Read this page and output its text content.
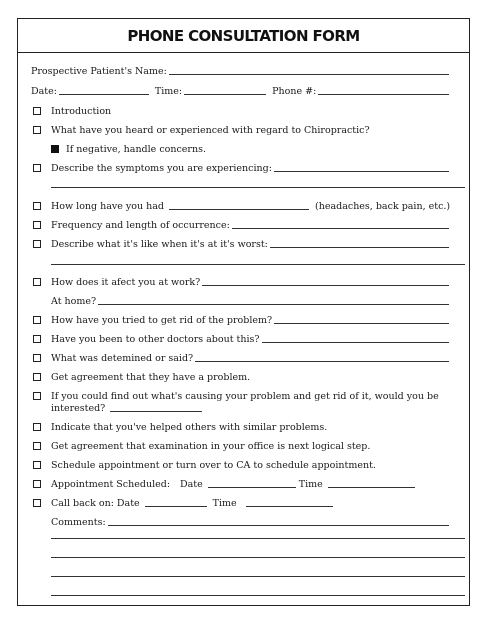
PHONE CONSULTATION FORM
Prospective Patient's Name:
Date:	Time:	Phone #:
Introduction
What have you heard or experienced with regard to Chiropractic?
If negative, handle concerns.
Describe the symptoms you are experiencing:
How long have you had	(headaches, back pain, etc.)
Frequency and length of occurrence:
Describe what it's like when it's at it's worst:
How does it afect you at work?
At home?
How have you tried to get rid of the problem?
Have you been to other doctors about this?
What was detemined or said?
Get agreement that they have a problem.
If you could find out what's causing your problem and get rid of it, would you be
interested?
Indicate that you've helped others with similar problems.
Get agreement that examination in your office is next logical step.
Schedule appointment or turn over to CA to schedule appointment.
Appointment Scheduled:	Date	Time
Call back on: Date	Time
Comments:
